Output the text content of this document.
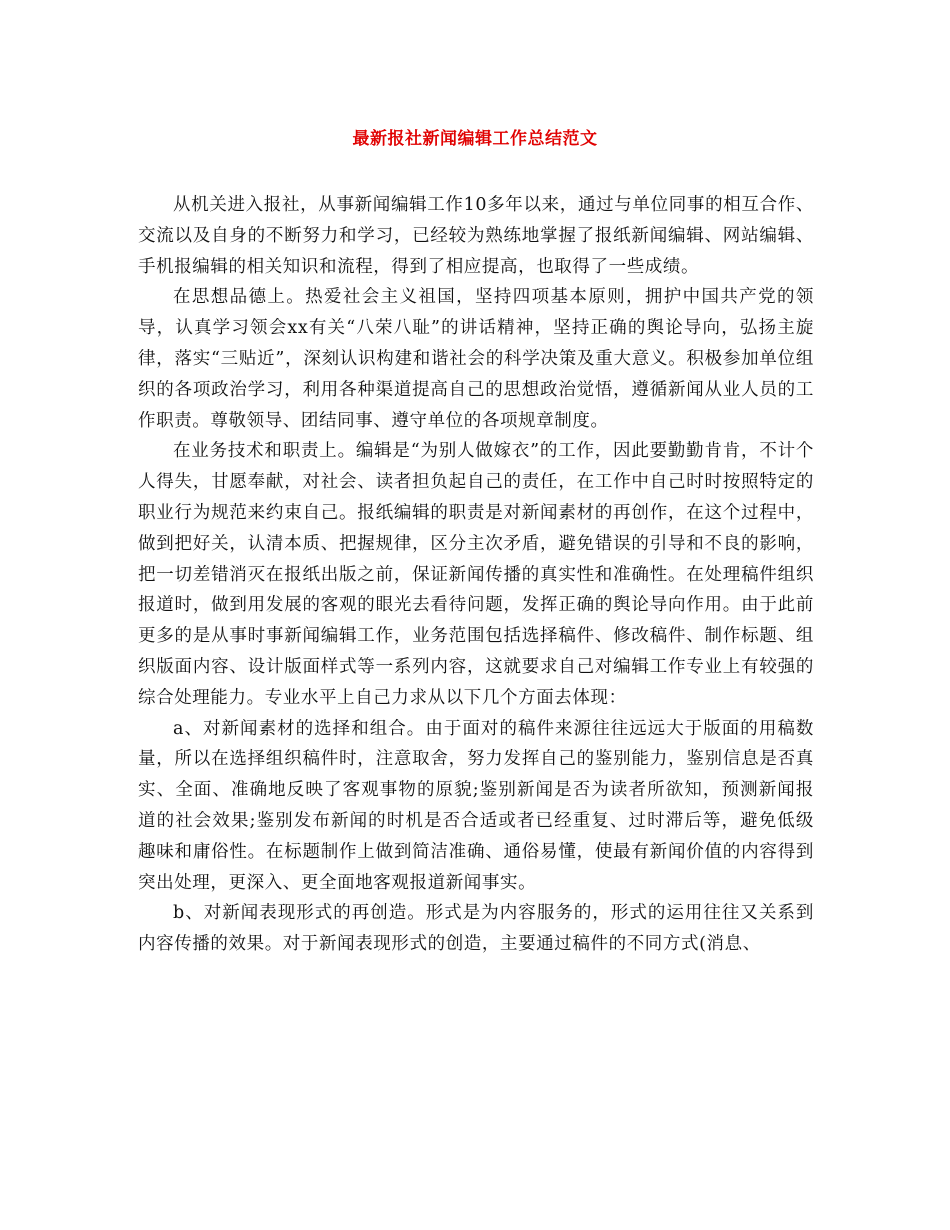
最新报社新闻编辑工作总结范文

从机关进入报社，从事新闻编辑工作10多年以来，通过与单位同事的相互合作、交流以及自身的不断努力和学习，已经较为熟练地掌握了报纸新闻编辑、网站编辑、手机报编辑的相关知识和流程，得到了相应提高，也取得了一些成绩。

在思想品德上。热爱社会主义祖国，坚持四项基本原则，拥护中国共产党的领导，认真学习领会xx有关“八荣八耻”的讲话精神，坚持正确的舆论导向，弘扬主旋律，落实“三贴近”，深刻认识构建和谐社会的科学决策及重大意义。积极参加单位组织的各项政治学习，利用各种渠道提高自己的思想政治觉悟，遵循新闻从业人员的工作职责。尊敬领导、团结同事、遵守单位的各项规章制度。

在业务技术和职责上。编辑是“为别人做嫁衣”的工作，因此要勤勤肯肯，不计个人得失，甘愿奉献，对社会、读者担负起自己的责任，在工作中自己时时按照特定的职业行为规范来约束自己。报纸编辑的职责是对新闻素材的再创作，在这个过程中，做到把好关，认清本质、把握规律，区分主次矛盾，避免错误的引导和不良的影响，把一切差错消灭在报纸出版之前，保证新闻传播的真实性和准确性。在处理稿件组织报道时，做到用发展的客观的眼光去看待问题，发挥正确的舆论导向作用。由于此前更多的是从事时事新闻编辑工作，业务范围包括选择稿件、修改稿件、制作标题、组织版面内容、设计版面样式等一系列内容，这就要求自己对编辑工作专业上有较强的综合处理能力。专业水平上自己力求从以下几个方面去体现：

a、对新闻素材的选择和组合。由于面对的稿件来源往往远远大于版面的用稿数量，所以在选择组织稿件时，注意取舍，努力发挥自己的鉴别能力，鉴别信息是否真实、全面、准确地反映了客观事物的原貌;鉴别新闻是否为读者所欲知，预测新闻报道的社会效果;鉴别发布新闻的时机是否合适或者已经重复、过时滞后等，避免低级趣味和庸俗性。在标题制作上做到简洁准确、通俗易懂，使最有新闻价值的内容得到突出处理，更深入、更全面地客观报道新闻事实。

b、对新闻表现形式的再创造。形式是为内容服务的，形式的运用往往又关系到内容传播的效果。对于新闻表现形式的创造，主要通过稿件的不同方式(消息、
